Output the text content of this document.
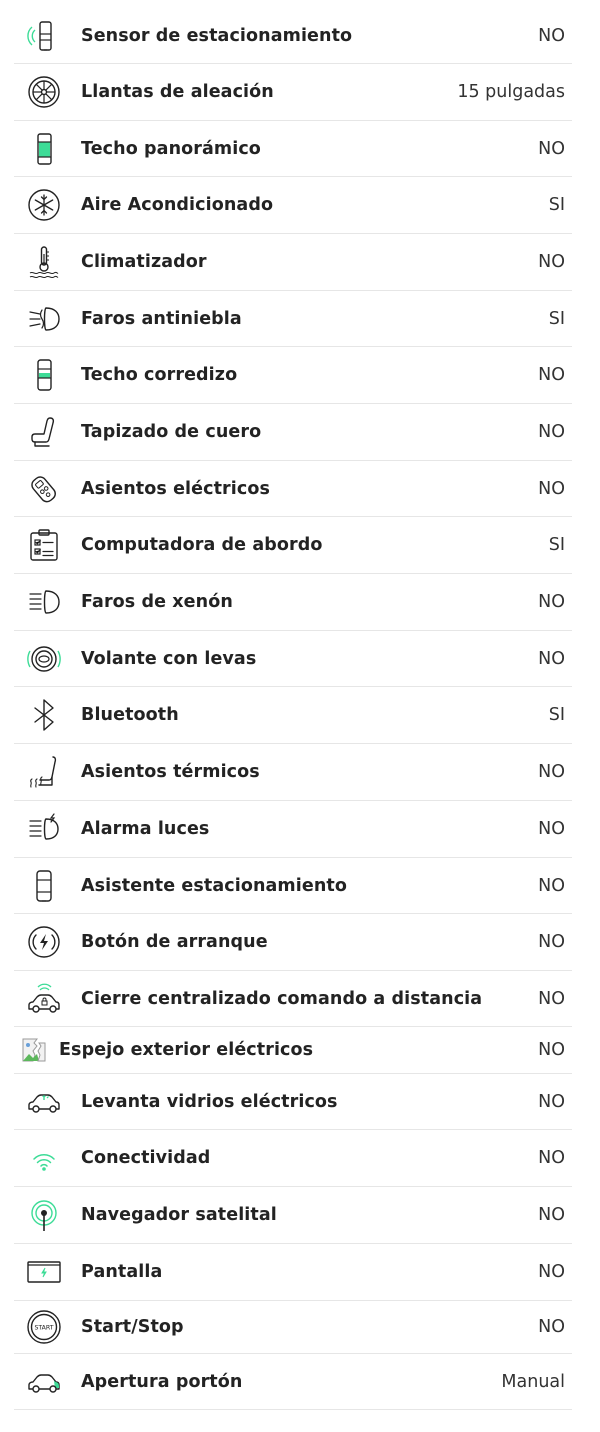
Sensor de estacionamiento	NO
Llantas de aleación	15 pulgadas
Techo panorámico	NO
Aire Acondicionado	SI
Climatizador	NO
Faros antiniebla	SI
Techo corredizo	NO
Tapizado de cuero	NO
Asientos eléctricos	NO
Computadora de abordo	SI
Faros de xenón	NO
Volante con levas	NO
Bluetooth	SI
Asientos térmicos	NO
Alarma luces	NO
Asistente estacionamiento	NO
Botón de arranque	NO
Cierre centralizado comando a distancia	NO
Espejo exterior eléctricos	NO
Levanta vidrios eléctricos	NO
Conectividad	NO
Navegador satelital	NO
Pantalla	NO
START Start/Stop	NO
Apertura portón	Manual
